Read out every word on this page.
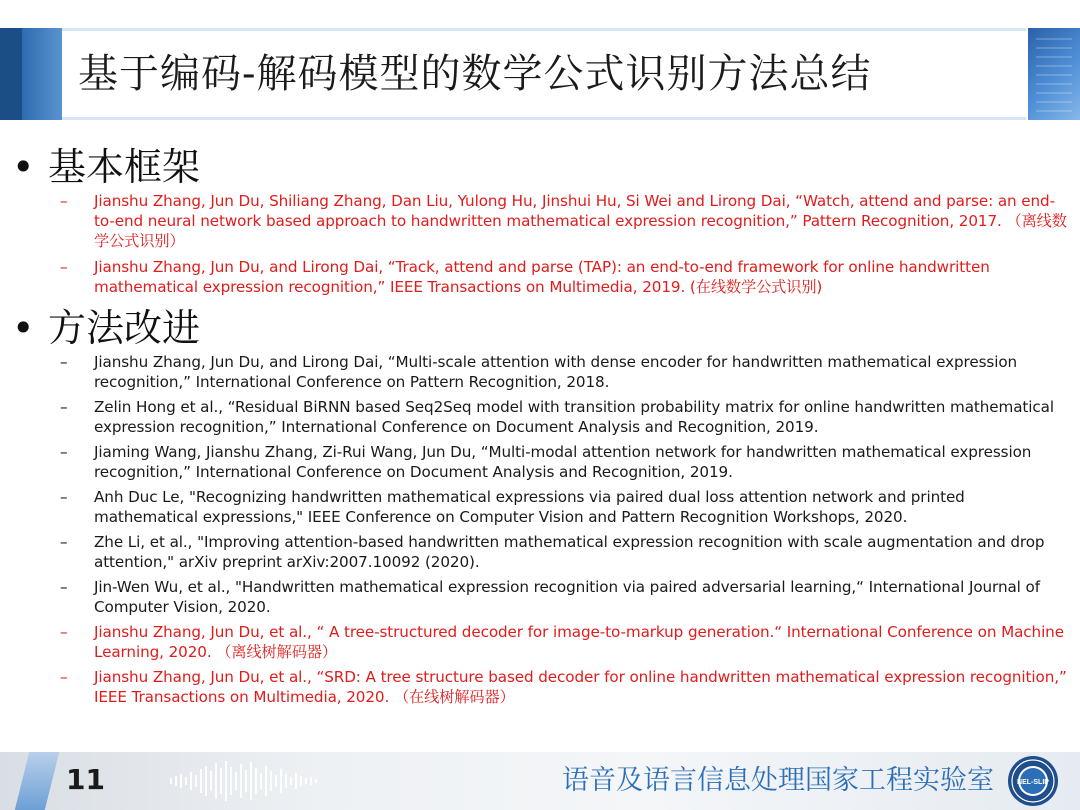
基于编码-解码模型的数学公式识别方法总结
• 基本框架
–	Jianshu Zhang, Jun Du, Shiliang Zhang, Dan Liu, Yulong Hu, Jinshui Hu, Si Wei and Lirong Dai, “Watch, attend and parse: an end-to-end neural network based approach to handwritten mathematical expression recognition,” Pattern Recognition, 2017. （离线数学公式识别）
–	Jianshu Zhang, Jun Du, and Lirong Dai, “Track, attend and parse (TAP): an end-to-end framework for online handwritten mathematical expression recognition,” IEEE Transactions on Multimedia, 2019. (在线数学公式识别)
• 方法改进
–	Jianshu Zhang, Jun Du, and Lirong Dai, “Multi-scale attention with dense encoder for handwritten mathematical expression recognition,” International Conference on Pattern Recognition, 2018.
–	Zelin Hong et al., “Residual BiRNN based Seq2Seq model with transition probability matrix for online handwritten mathematical expression recognition,” International Conference on Document Analysis and Recognition, 2019.
–	Jiaming Wang, Jianshu Zhang, Zi-Rui Wang, Jun Du, “Multi-modal attention network for handwritten mathematical expression recognition,” International Conference on Document Analysis and Recognition, 2019.
–	Anh Duc Le, "Recognizing handwritten mathematical expressions via paired dual loss attention network and printed mathematical expressions," IEEE Conference on Computer Vision and Pattern Recognition Workshops, 2020.
–	Zhe Li, et al., "Improving attention-based handwritten mathematical expression recognition with scale augmentation and drop attention," arXiv preprint arXiv:2007.10092 (2020).
–	Jin-Wen Wu, et al., "Handwritten mathematical expression recognition via paired adversarial learning,“ International Journal of Computer Vision, 2020.
–	Jianshu Zhang, Jun Du, et al., “ A tree-structured decoder for image-to-markup generation.“ International Conference on Machine Learning, 2020. （离线树解码器）
–	Jianshu Zhang, Jun Du, et al., “SRD: A tree structure based decoder for online handwritten mathematical expression recognition,” IEEE Transactions on Multimedia, 2020. （在线树解码器）
11	语音及语言信息处理国家工程实验室	NEL-SLIP
